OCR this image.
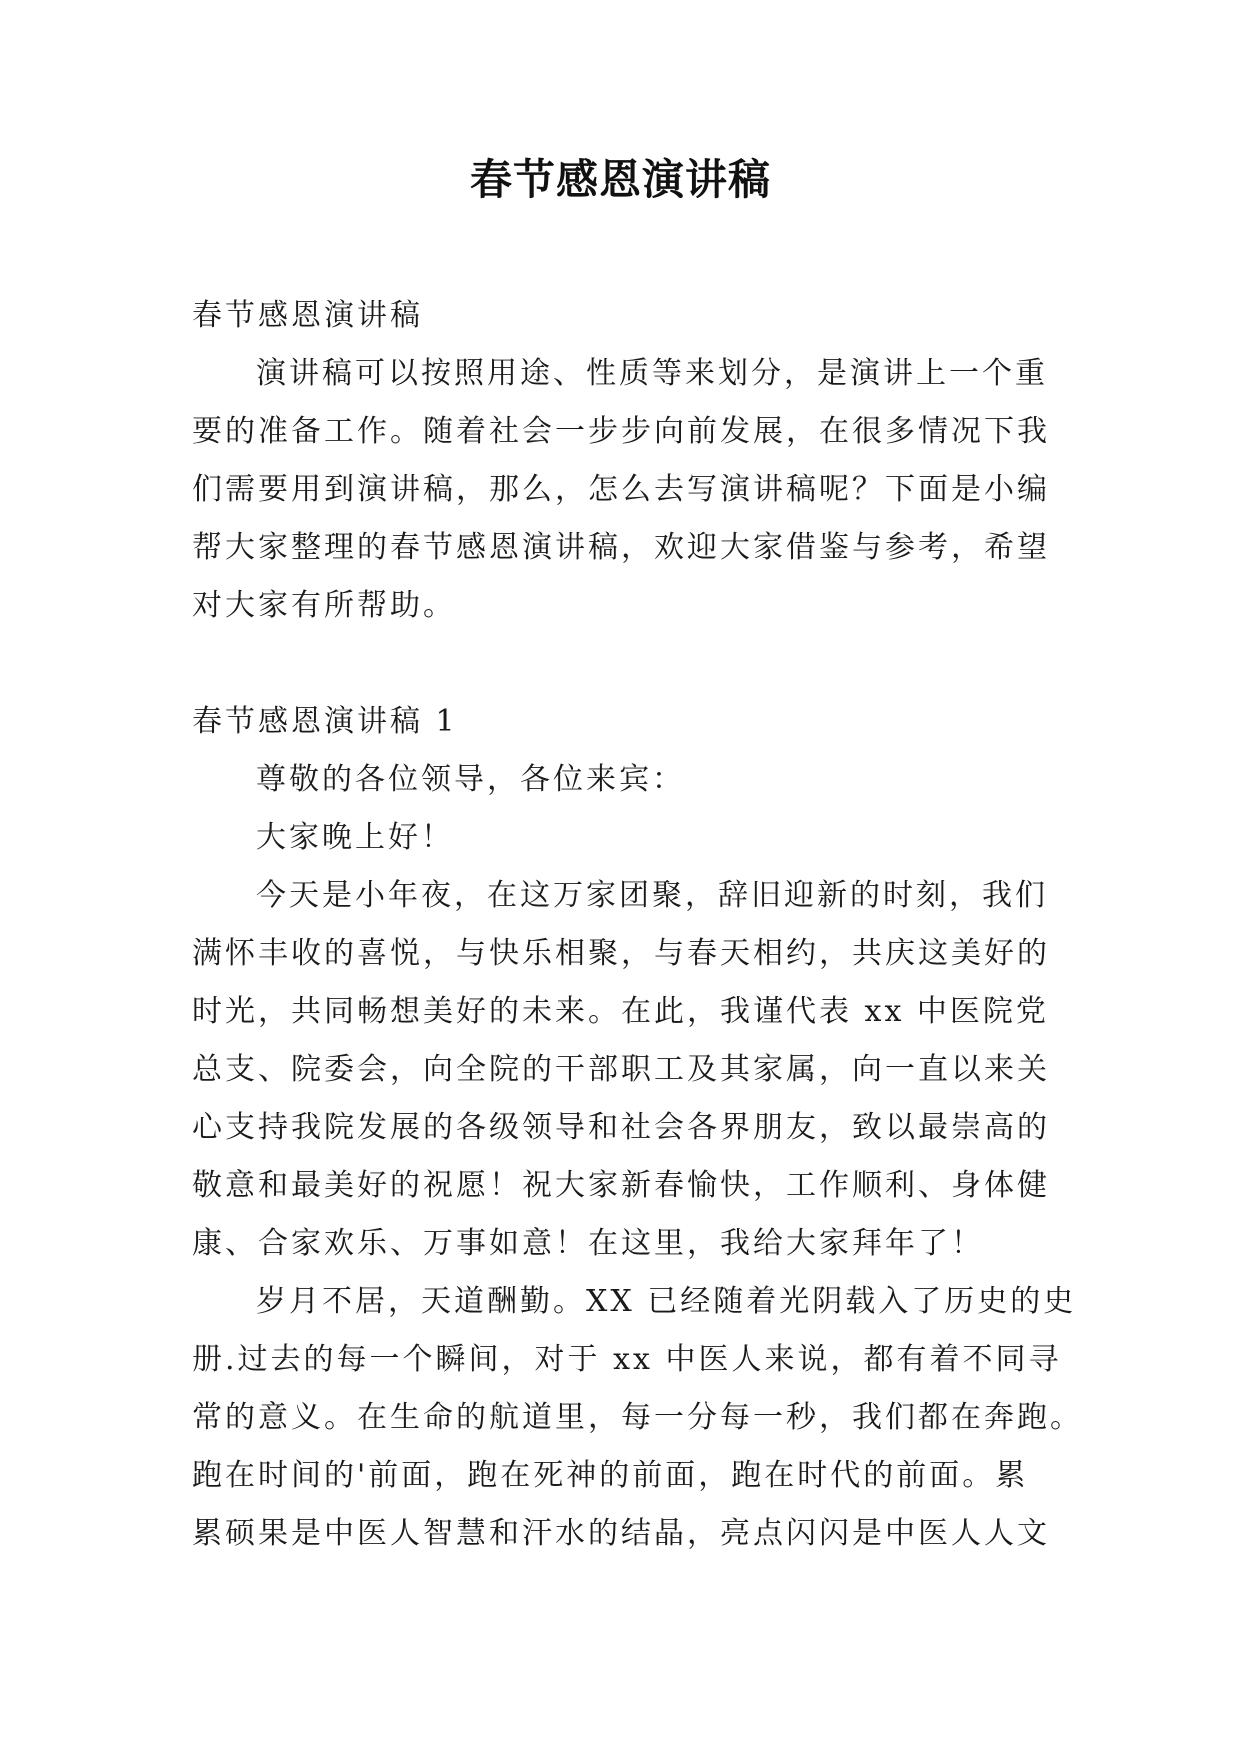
春节感恩演讲稿
春节感恩演讲稿
演讲稿可以按照用途、性质等来划分，是演讲上一个重
要的准备工作。随着社会一步步向前发展，在很多情况下我
们需要用到演讲稿，那么，怎么去写演讲稿呢？下面是小编
帮大家整理的春节感恩演讲稿，欢迎大家借鉴与参考，希望
对大家有所帮助。
春节感恩演讲稿 1
尊敬的各位领导，各位来宾：
大家晚上好！
今天是小年夜，在这万家团聚，辞旧迎新的时刻，我们
满怀丰收的喜悦，与快乐相聚，与春天相约，共庆这美好的
时光，共同畅想美好的未来。在此，我谨代表 xx 中医院党
总支、院委会，向全院的干部职工及其家属，向一直以来关
心支持我院发展的各级领导和社会各界朋友，致以最崇高的
敬意和最美好的祝愿！祝大家新春愉快，工作顺利、身体健
康、合家欢乐、万事如意！在这里，我给大家拜年了！
岁月不居，天道酬勤。XX 已经随着光阴载入了历史的史
册.过去的每一个瞬间，对于 xx 中医人来说，都有着不同寻
常的意义。在生命的航道里，每一分每一秒，我们都在奔跑。
跑在时间的'前面，跑在死神的前面，跑在时代的前面。累
累硕果是中医人智慧和汗水的结晶，亮点闪闪是中医人人文
